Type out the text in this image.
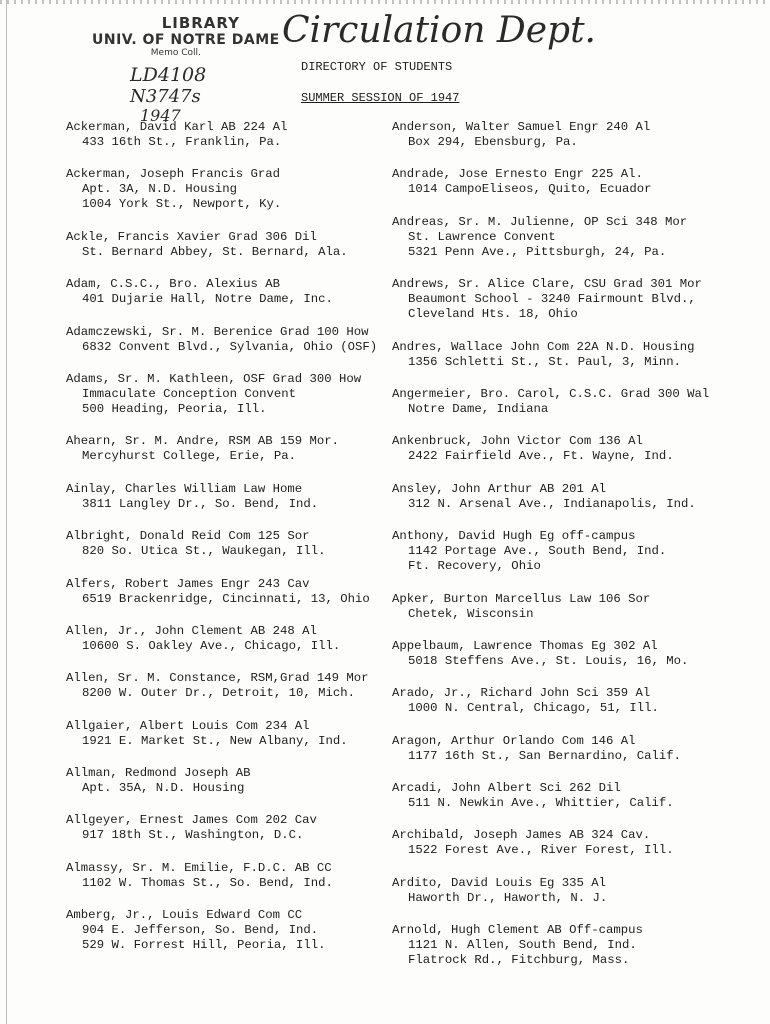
LIBRARY
UNIV. OF NOTRE DAME
Memo Coll.
Circulation Dept.
LD4108
N3747s
1947
DIRECTORY OF STUDENTS
SUMMER SESSION OF 1947
Ackerman, David Karl AB 224 Al
433 16th St., Franklin, Pa.
Ackerman, Joseph Francis Grad
Apt. 3A, N.D. Housing
1004 York St., Newport, Ky.
Ackle, Francis Xavier Grad 306 Dil
St. Bernard Abbey, St. Bernard, Ala.
Adam, C.S.C., Bro. Alexius AB
401 Dujarie Hall, Notre Dame, Inc.
Adamczewski, Sr. M. Berenice Grad 100 How
6832 Convent Blvd., Sylvania, Ohio (OSF)
Adams, Sr. M. Kathleen, OSF Grad 300 How
Immaculate Conception Convent
500 Heading, Peoria, Ill.
Ahearn, Sr. M. Andre, RSM AB 159 Mor.
Mercyhurst College, Erie, Pa.
Ainlay, Charles William Law Home
3811 Langley Dr., So. Bend, Ind.
Albright, Donald Reid Com 125 Sor
820 So. Utica St., Waukegan, Ill.
Alfers, Robert James Engr 243 Cav
6519 Brackenridge, Cincinnati, 13, Ohio
Allen, Jr., John Clement AB 248 Al
10600 S. Oakley Ave., Chicago, Ill.
Allen, Sr. M. Constance, RSM,Grad 149 Mor
8200 W. Outer Dr., Detroit, 10, Mich.
Allgaier, Albert Louis Com 234 Al
1921 E. Market St., New Albany, Ind.
Allman, Redmond Joseph AB
Apt. 35A, N.D. Housing
Allgeyer, Ernest James Com 202 Cav
917 18th St., Washington, D.C.
Almassy, Sr. M. Emilie, F.D.C. AB CC
1102 W. Thomas St., So. Bend, Ind.
Amberg, Jr., Louis Edward Com CC
904 E. Jefferson, So. Bend, Ind.
529 W. Forrest Hill, Peoria, Ill.
Anderson, Walter Samuel Engr 240 Al
Box 294, Ebensburg, Pa.
Andrade, Jose Ernesto Engr 225 Al.
1014 CampoEliseos, Quito, Ecuador
Andreas, Sr. M. Julienne, OP Sci 348 Mor
St. Lawrence Convent
5321 Penn Ave., Pittsburgh, 24, Pa.
Andrews, Sr. Alice Clare, CSU Grad 301 Mor
Beaumont School - 3240 Fairmount Blvd.,
Cleveland Hts. 18, Ohio
Andres, Wallace John Com 22A N.D. Housing
1356 Schletti St., St. Paul, 3, Minn.
Angermeier, Bro. Carol, C.S.C. Grad 300 Wal
Notre Dame, Indiana
Ankenbruck, John Victor Com 136 Al
2422 Fairfield Ave., Ft. Wayne, Ind.
Ansley, John Arthur AB 201 Al
312 N. Arsenal Ave., Indianapolis, Ind.
Anthony, David Hugh Eg off-campus
1142 Portage Ave., South Bend, Ind.
Ft. Recovery, Ohio
Apker, Burton Marcellus Law 106 Sor
Chetek, Wisconsin
Appelbaum, Lawrence Thomas Eg 302 Al
5018 Steffens Ave., St. Louis, 16, Mo.
Arado, Jr., Richard John Sci 359 Al
1000 N. Central, Chicago, 51, Ill.
Aragon, Arthur Orlando Com 146 Al
1177 16th St., San Bernardino, Calif.
Arcadi, John Albert Sci 262 Dil
511 N. Newkin Ave., Whittier, Calif.
Archibald, Joseph James AB 324 Cav.
1522 Forest Ave., River Forest, Ill.
Ardito, David Louis Eg 335 Al
Haworth Dr., Haworth, N. J.
Arnold, Hugh Clement AB Off-campus
1121 N. Allen, South Bend, Ind.
Flatrock Rd., Fitchburg, Mass.
